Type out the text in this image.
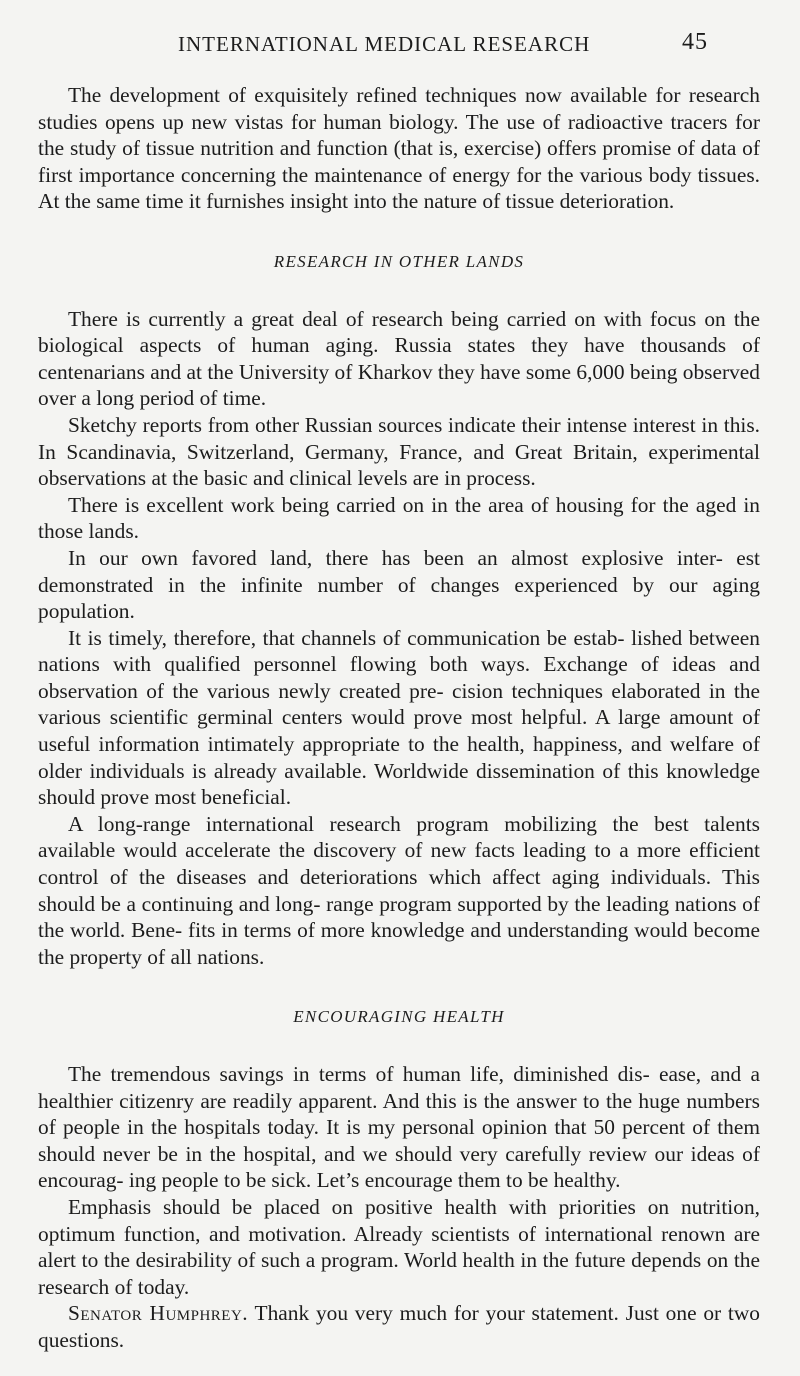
INTERNATIONAL MEDICAL RESEARCH	45

The development of exquisitely refined techniques now available for research studies opens up new vistas for human biology. The use of radioactive tracers for the study of tissue nutrition and function (that is, exercise) offers promise of data of first importance concerning the maintenance of energy for the various body tissues. At the same time it furnishes insight into the nature of tissue deterioration.

RESEARCH IN OTHER LANDS

There is currently a great deal of research being carried on with focus on the biological aspects of human aging. Russia states they have thousands of centenarians and at the University of Kharkov they have some 6,000 being observed over a long period of time.

Sketchy reports from other Russian sources indicate their intense interest in this. In Scandinavia, Switzerland, Germany, France, and Great Britain, experimental observations at the basic and clinical levels are in process.

There is excellent work being carried on in the area of housing for the aged in those lands.

In our own favored land, there has been an almost explosive inter- est demonstrated in the infinite number of changes experienced by our aging population.

It is timely, therefore, that channels of communication be estab- lished between nations with qualified personnel flowing both ways. Exchange of ideas and observation of the various newly created pre- cision techniques elaborated in the various scientific germinal centers would prove most helpful. A large amount of useful information intimately appropriate to the health, happiness, and welfare of older individuals is already available. Worldwide dissemination of this knowledge should prove most beneficial.

A long-range international research program mobilizing the best talents available would accelerate the discovery of new facts leading to a more efficient control of the diseases and deteriorations which affect aging individuals. This should be a continuing and long- range program supported by the leading nations of the world. Bene- fits in terms of more knowledge and understanding would become the property of all nations.

ENCOURAGING HEALTH

The tremendous savings in terms of human life, diminished dis- ease, and a healthier citizenry are readily apparent. And this is the answer to the huge numbers of people in the hospitals today. It is my personal opinion that 50 percent of them should never be in the hospital, and we should very carefully review our ideas of encourag- ing people to be sick. Let’s encourage them to be healthy.

Emphasis should be placed on positive health with priorities on nutrition, optimum function, and motivation. Already scientists of international renown are alert to the desirability of such a program. World health in the future depends on the research of today.

Senator Humphrey. Thank you very much for your statement. Just one or two questions.
